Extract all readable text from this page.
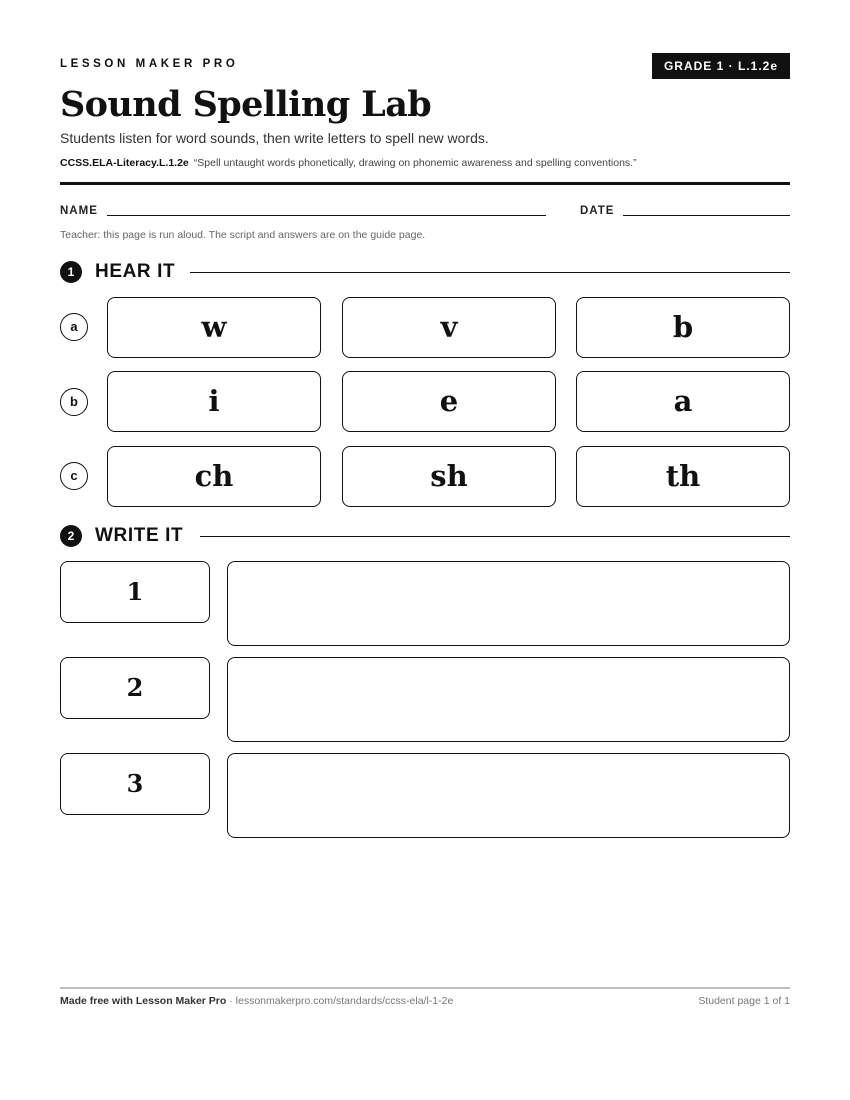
LESSON MAKER PRO	GRADE 1 · L.1.2e
Sound Spelling Lab
Students listen for word sounds, then write letters to spell new words.
CCSS.ELA-Literacy.L.1.2e “Spell untaught words phonetically, drawing on phonemic awareness and spelling conventions.”
NAME	DATE
Teacher: this page is run aloud. The script and answers are on the guide page.
1	HEAR IT
a	w	v	b
b	i	e	a
c	ch	sh	th
2	WRITE IT
1
2
3
Made free with Lesson Maker Pro · lessonmakerpro.com/standards/ccss-ela/l-1-2e	Student page 1 of 1
